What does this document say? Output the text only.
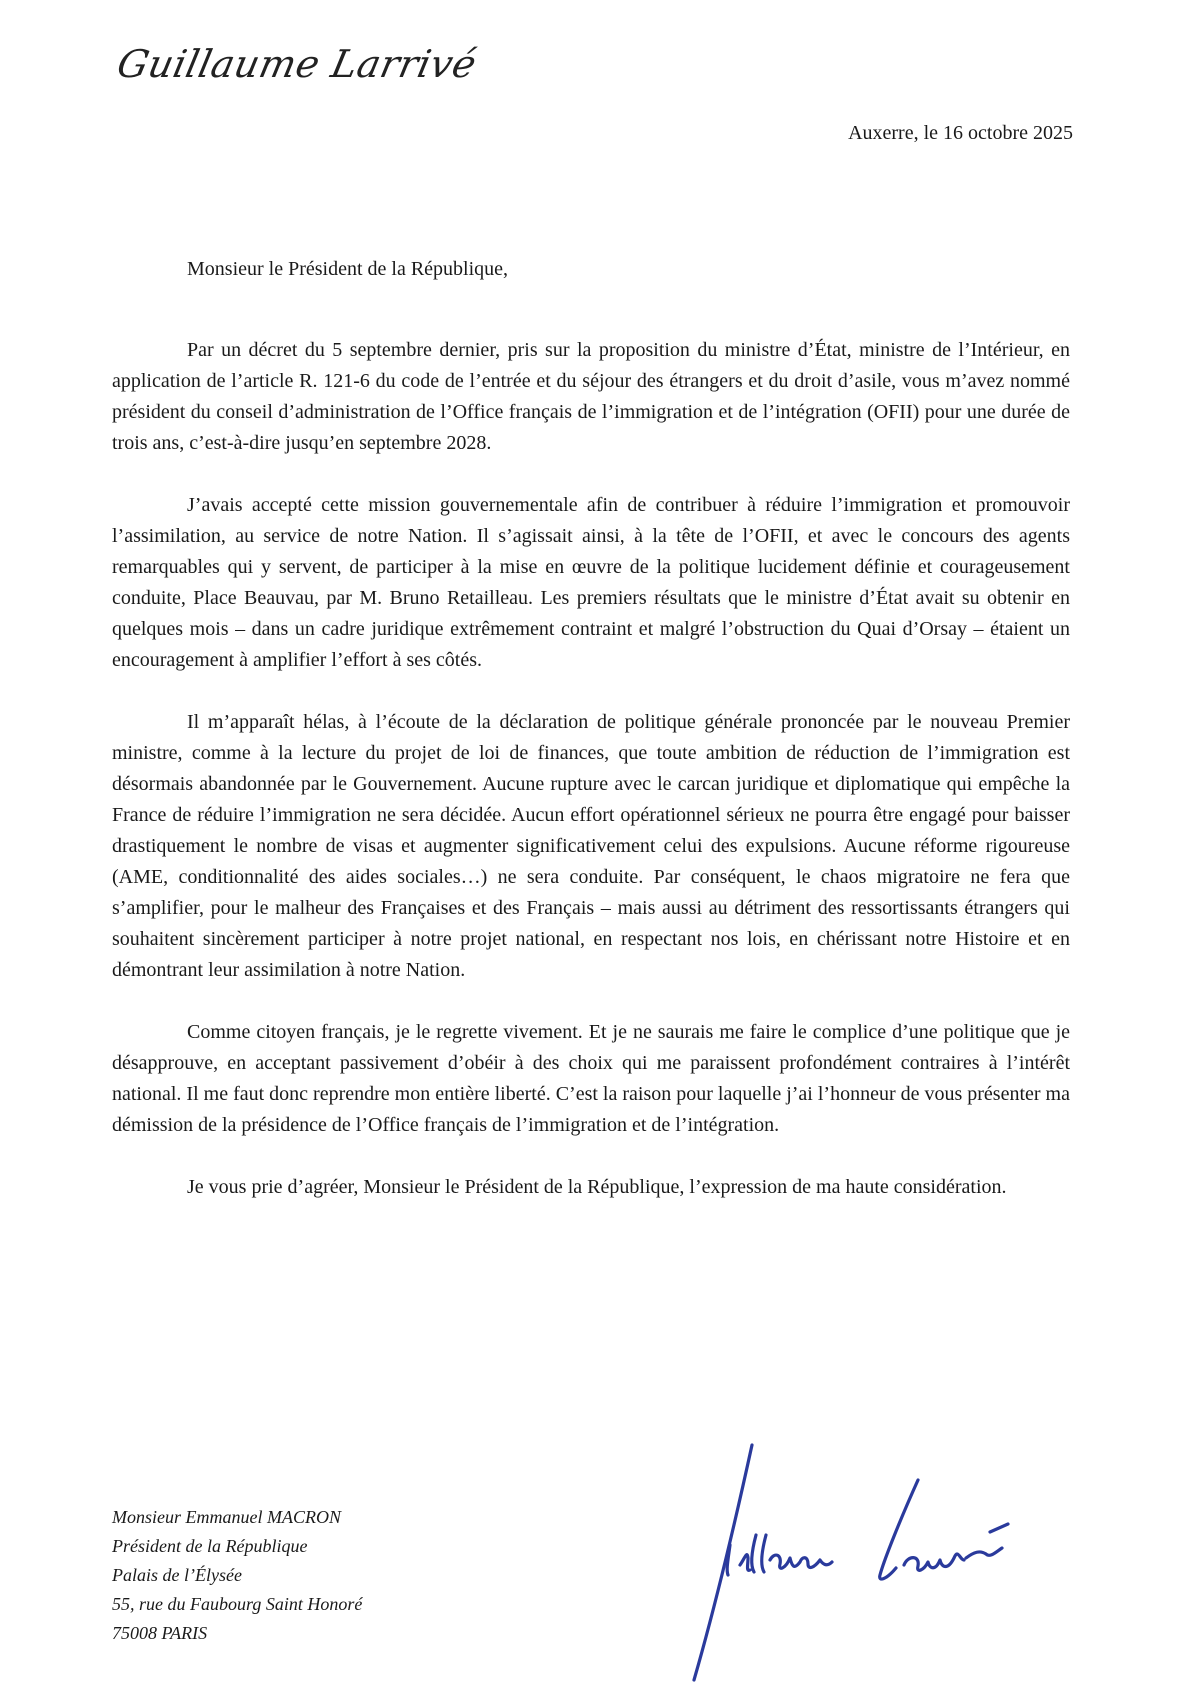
Guillaume Larrivé
Auxerre, le 16 octobre 2025
Monsieur le Président de la République,

Par un décret du 5 septembre dernier, pris sur la proposition du ministre d’État, ministre de l’Intérieur, en application de l’article R. 121-6 du code de l’entrée et du séjour des étrangers et du droit d’asile, vous m’avez nommé président du conseil d’administration de l’Office français de l’immigration et de l’intégration (OFII) pour une durée de trois ans, c’est-à-dire jusqu’en septembre 2028.

J’avais accepté cette mission gouvernementale afin de contribuer à réduire l’immigration et promouvoir l’assimilation, au service de notre Nation. Il s’agissait ainsi, à la tête de l’OFII, et avec le concours des agents remarquables qui y servent, de participer à la mise en œuvre de la politique lucidement définie et courageusement conduite, Place Beauvau, par M. Bruno Retailleau. Les premiers résultats que le ministre d’État avait su obtenir en quelques mois – dans un cadre juridique extrêmement contraint et malgré l’obstruction du Quai d’Orsay – étaient un encouragement à amplifier l’effort à ses côtés.

Il m’apparaît hélas, à l’écoute de la déclaration de politique générale prononcée par le nouveau Premier ministre, comme à la lecture du projet de loi de finances, que toute ambition de réduction de l’immigration est désormais abandonnée par le Gouvernement. Aucune rupture avec le carcan juridique et diplomatique qui empêche la France de réduire l’immigration ne sera décidée. Aucun effort opérationnel sérieux ne pourra être engagé pour baisser drastiquement le nombre de visas et augmenter significativement celui des expulsions. Aucune réforme rigoureuse (AME, conditionnalité des aides sociales…) ne sera conduite. Par conséquent, le chaos migratoire ne fera que s’amplifier, pour le malheur des Françaises et des Français – mais aussi au détriment des ressortissants étrangers qui souhaitent sincèrement participer à notre projet national, en respectant nos lois, en chérissant notre Histoire et en démontrant leur assimilation à notre Nation.

Comme citoyen français, je le regrette vivement. Et je ne saurais me faire le complice d’une politique que je désapprouve, en acceptant passivement d’obéir à des choix qui me paraissent profondément contraires à l’intérêt national. Il me faut donc reprendre mon entière liberté. C’est la raison pour laquelle j’ai l’honneur de vous présenter ma démission de la présidence de l’Office français de l’immigration et de l’intégration.

Je vous prie d’agréer, Monsieur le Président de la République, l’expression de ma haute considération.

Monsieur Emmanuel MACRON
Président de la République
Palais de l’Élysée
55, rue du Faubourg Saint Honoré
75008 PARIS
